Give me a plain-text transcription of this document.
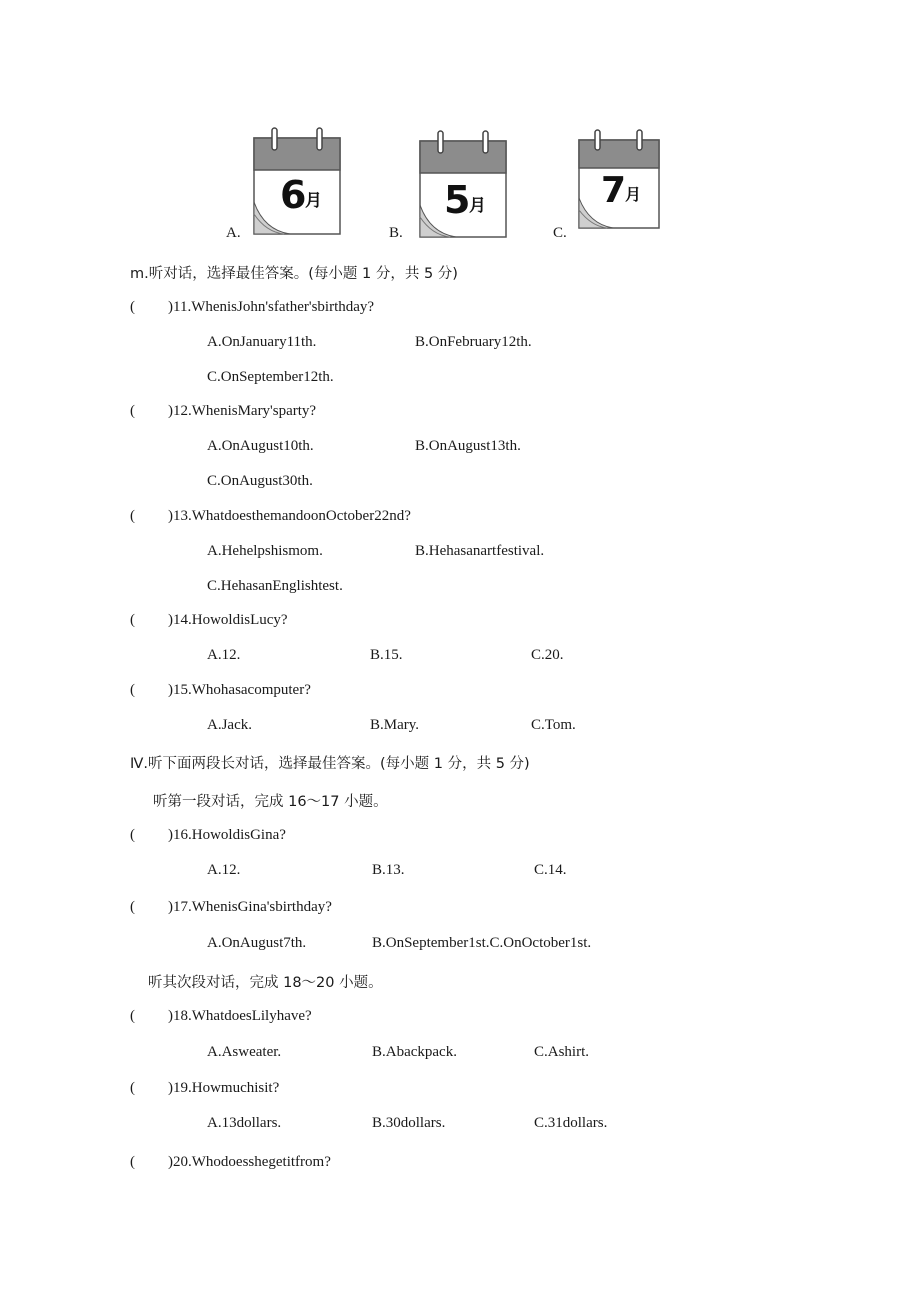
6
月
A.
5
月
B.
7
月
C.
m.听对话，选择最佳答案。(每小题 1 分，共 5 分)
( ) 11.WhenisJohn'sfather'sbirthday?
A.OnJanuary11th.	B.OnFebruary12th.
C.OnSeptember12th.
( ) 12.WhenisMary'sparty?
A.OnAugust10th.	B.OnAugust13th.
C.OnAugust30th.
( ) 13.WhatdoesthemandoonOctober22nd?
A.Hehelpshismom.	B.Hehasanartfestival.
C.HehasanEnglishtest.
( ) 14.HowoldisLucy?
A.12.	B.15.	C.20.
( ) 15.Whohasacomputer?
A.Jack.	B.Mary.	C.Tom.
Ⅳ.听下面两段长对话，选择最佳答案。(每小题 1 分，共 5 分)
听第一段对话，完成 16～17 小题。
( ) 16.HowoldisGina?
A.12.	B.13.	C.14.
( ) 17.WhenisGina'sbirthday?
A.OnAugust7th.	B.OnSeptember1st.C.OnOctober1st.
听其次段对话，完成 18～20 小题。
( ) 18.WhatdoesLilyhave?
A.Asweater.	B.Abackpack.	C.Ashirt.
( ) 19.Howmuchisit?
A.13dollars.	B.30dollars.	C.31dollars.
( ) 20.Whodoesshegetitfrom?
